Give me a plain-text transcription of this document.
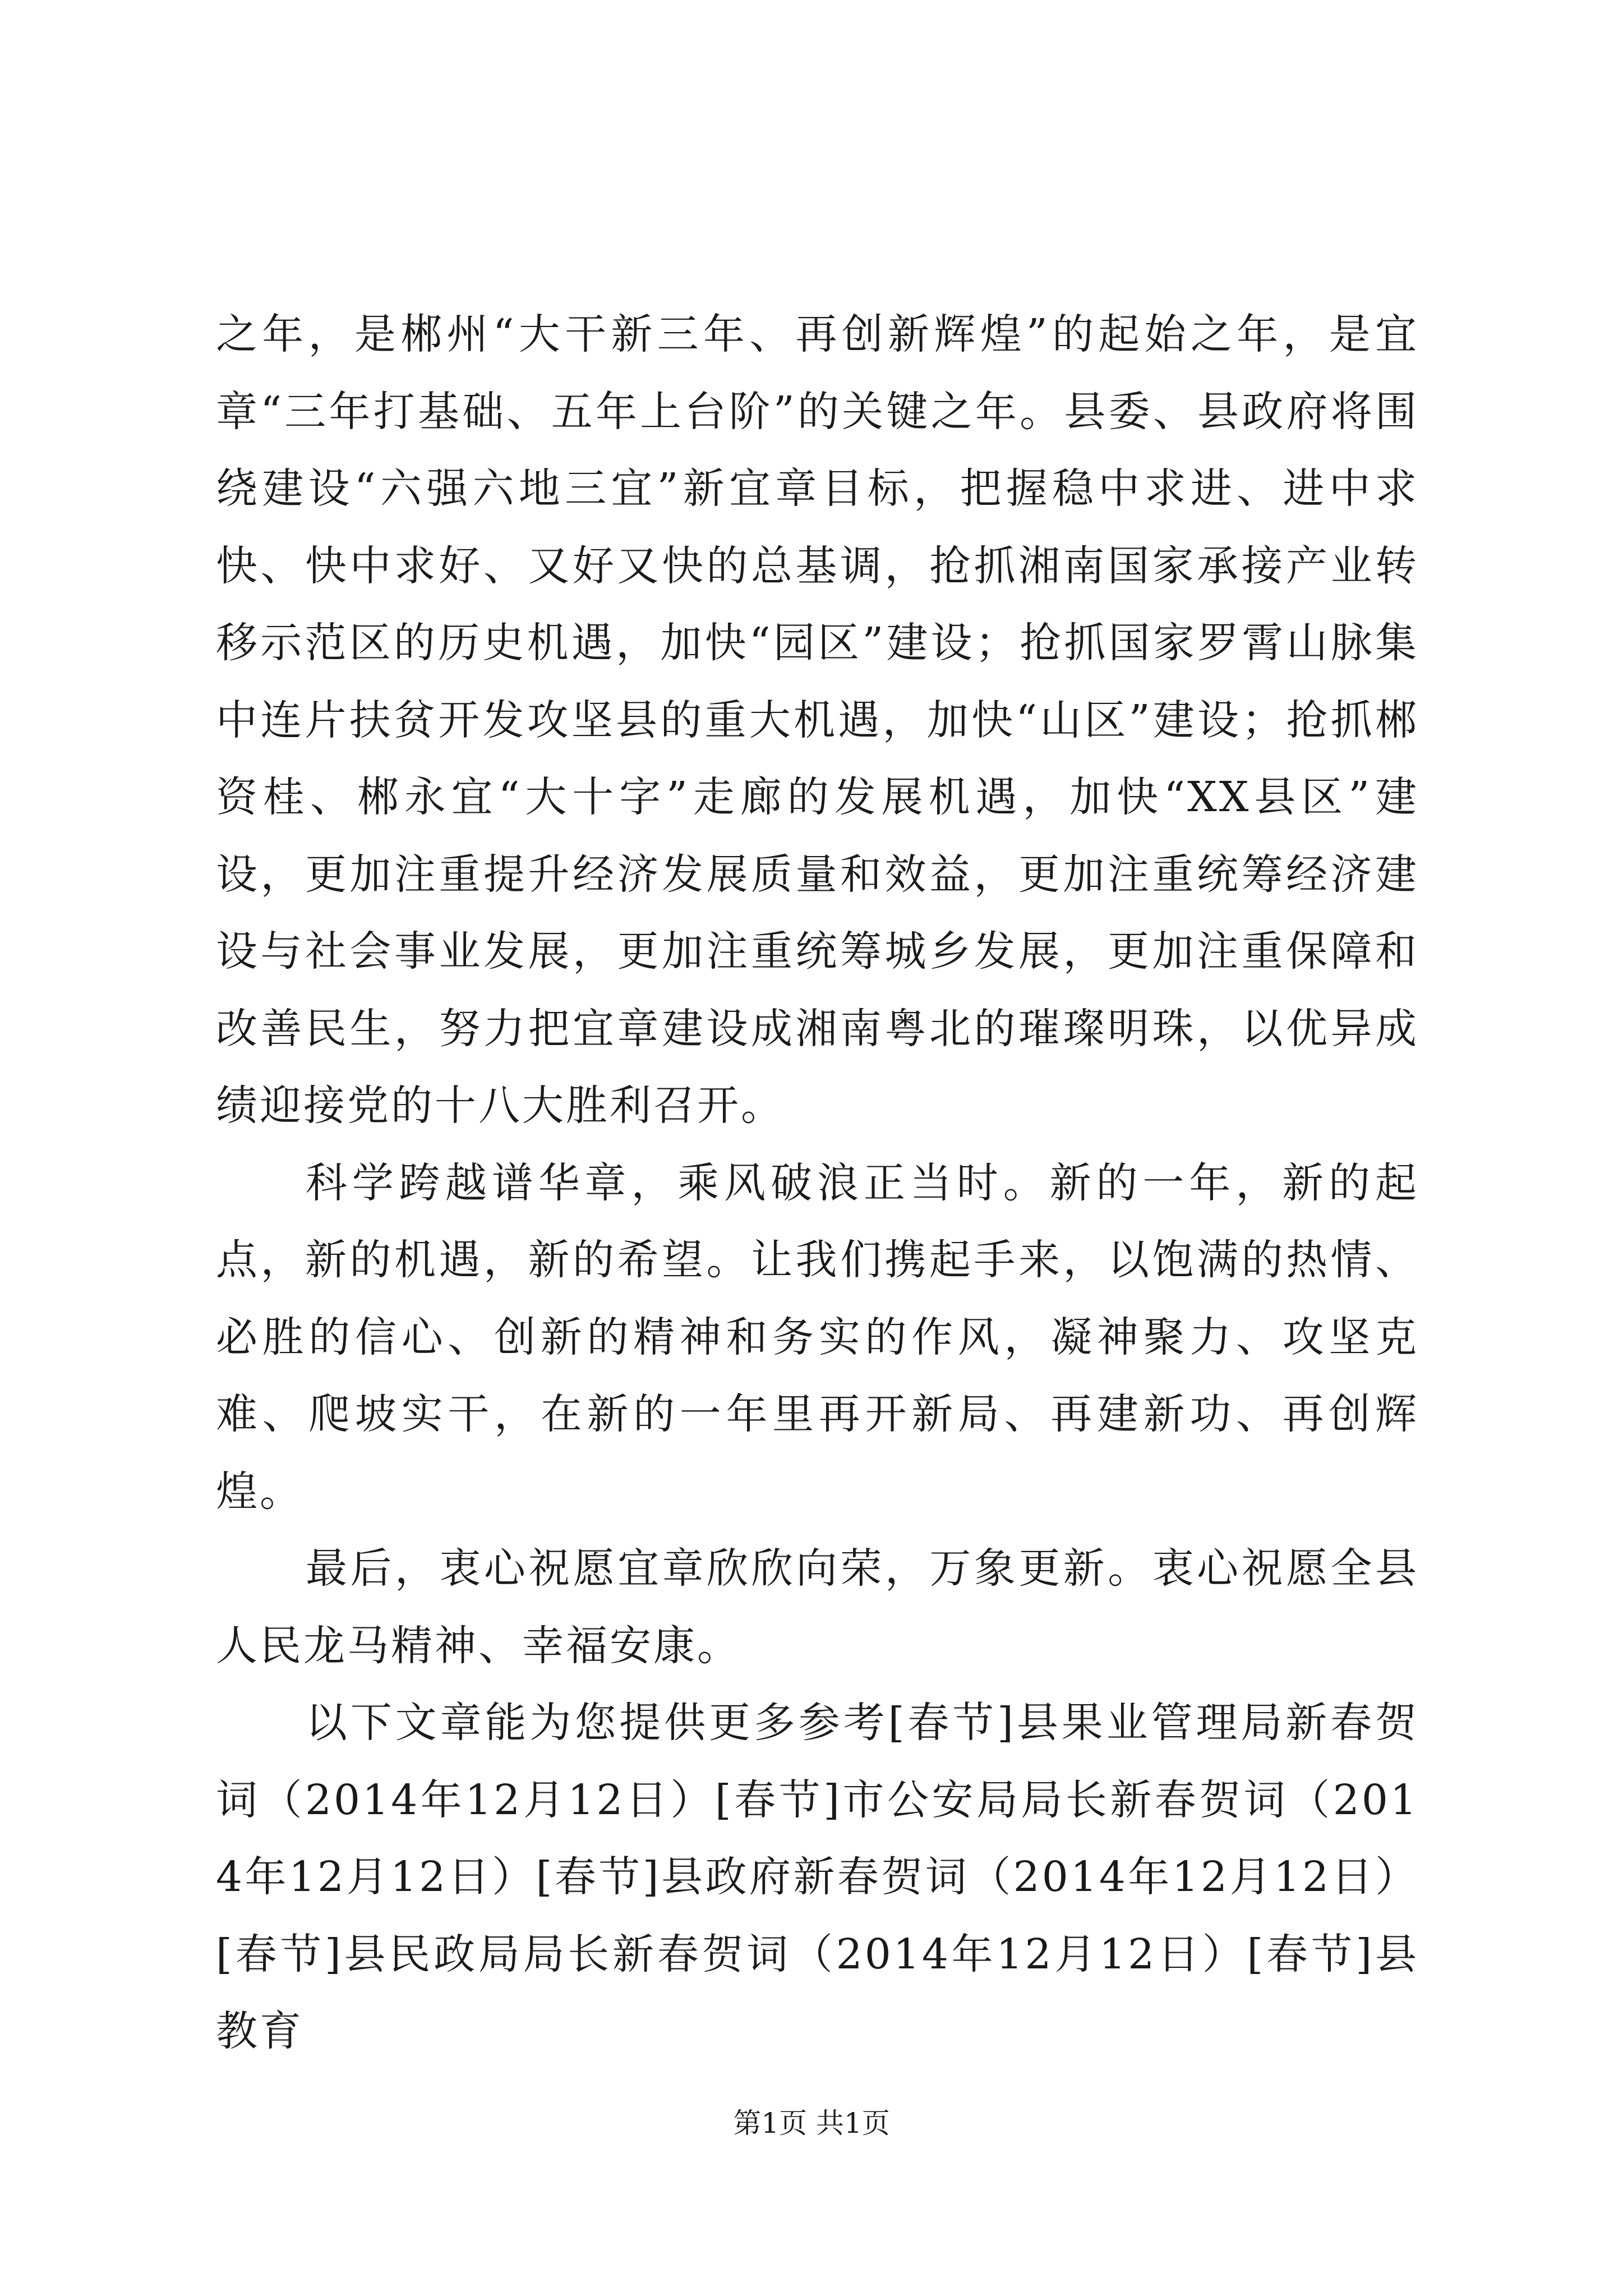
之年，是郴州“大干新三年、再创新辉煌”的起始之年，是宜章“三年打基础、五年上台阶”的关键之年。县委、县政府将围绕建设“六强六地三宜”新宜章目标，把握稳中求进、进中求快、快中求好、又好又快的总基调，抢抓湘南国家承接产业转移示范区的历史机遇，加快“园区”建设；抢抓国家罗霄山脉集中连片扶贫开发攻坚县的重大机遇，加快“山区”建设；抢抓郴资桂、郴永宜“大十字”走廊的发展机遇，加快“XX县区”建设，更加注重提升经济发展质量和效益，更加注重统筹经济建设与社会事业发展，更加注重统筹城乡发展，更加注重保障和改善民生，努力把宜章建设成湘南粤北的璀璨明珠，以优异成绩迎接党的十八大胜利召开。

科学跨越谱华章，乘风破浪正当时。新的一年，新的起点，新的机遇，新的希望。让我们携起手来，以饱满的热情、必胜的信心、创新的精神和务实的作风，凝神聚力、攻坚克难、爬坡实干，在新的一年里再开新局、再建新功、再创辉煌。

最后，衷心祝愿宜章欣欣向荣，万象更新。衷心祝愿全县人民龙马精神、幸福安康。

以下文章能为您提供更多参考[春节]县果业管理局新春贺词（2014年12月12日）[春节]市公安局局长新春贺词（2014年12月12日）[春节]县政府新春贺词（2014年12月12日）[春节]县民政局局长新春贺词（2014年12月12日）[春节]县教育

第1页 共1页
